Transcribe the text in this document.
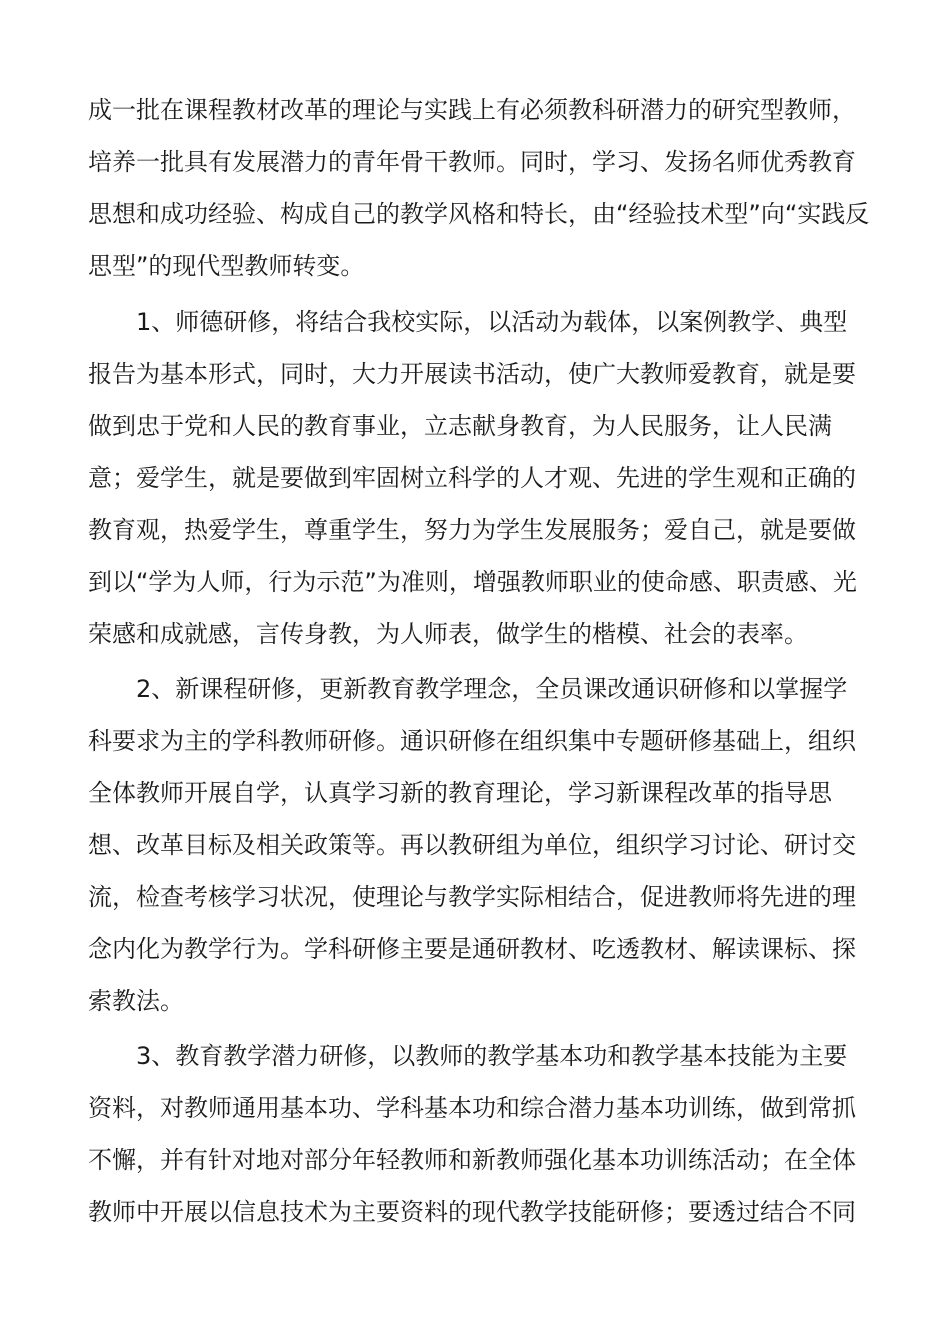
成一批在课程教材改革的理论与实践上有必须教科研潜力的研究型教师，
培养一批具有发展潜力的青年骨干教师。同时，学习、发扬名师优秀教育
思想和成功经验、构成自己的教学风格和特长，由“经验技术型”向“实践反
思型”的现代型教师转变。
1、师德研修，将结合我校实际，以活动为载体，以案例教学、典型
报告为基本形式，同时，大力开展读书活动，使广大教师爱教育，就是要
做到忠于党和人民的教育事业，立志献身教育，为人民服务，让人民满
意；爱学生，就是要做到牢固树立科学的人才观、先进的学生观和正确的
教育观，热爱学生，尊重学生，努力为学生发展服务；爱自己，就是要做
到以“学为人师，行为示范”为准则，增强教师职业的使命感、职责感、光
荣感和成就感，言传身教，为人师表，做学生的楷模、社会的表率。
2、新课程研修，更新教育教学理念，全员课改通识研修和以掌握学
科要求为主的学科教师研修。通识研修在组织集中专题研修基础上，组织
全体教师开展自学，认真学习新的教育理论，学习新课程改革的指导思
想、改革目标及相关政策等。再以教研组为单位，组织学习讨论、研讨交
流，检查考核学习状况，使理论与教学实际相结合，促进教师将先进的理
念内化为教学行为。学科研修主要是通研教材、吃透教材、解读课标、探
索教法。
3、教育教学潜力研修，以教师的教学基本功和教学基本技能为主要
资料，对教师通用基本功、学科基本功和综合潜力基本功训练，做到常抓
不懈，并有针对地对部分年轻教师和新教师强化基本功训练活动；在全体
教师中开展以信息技术为主要资料的现代教学技能研修；要透过结合不同
